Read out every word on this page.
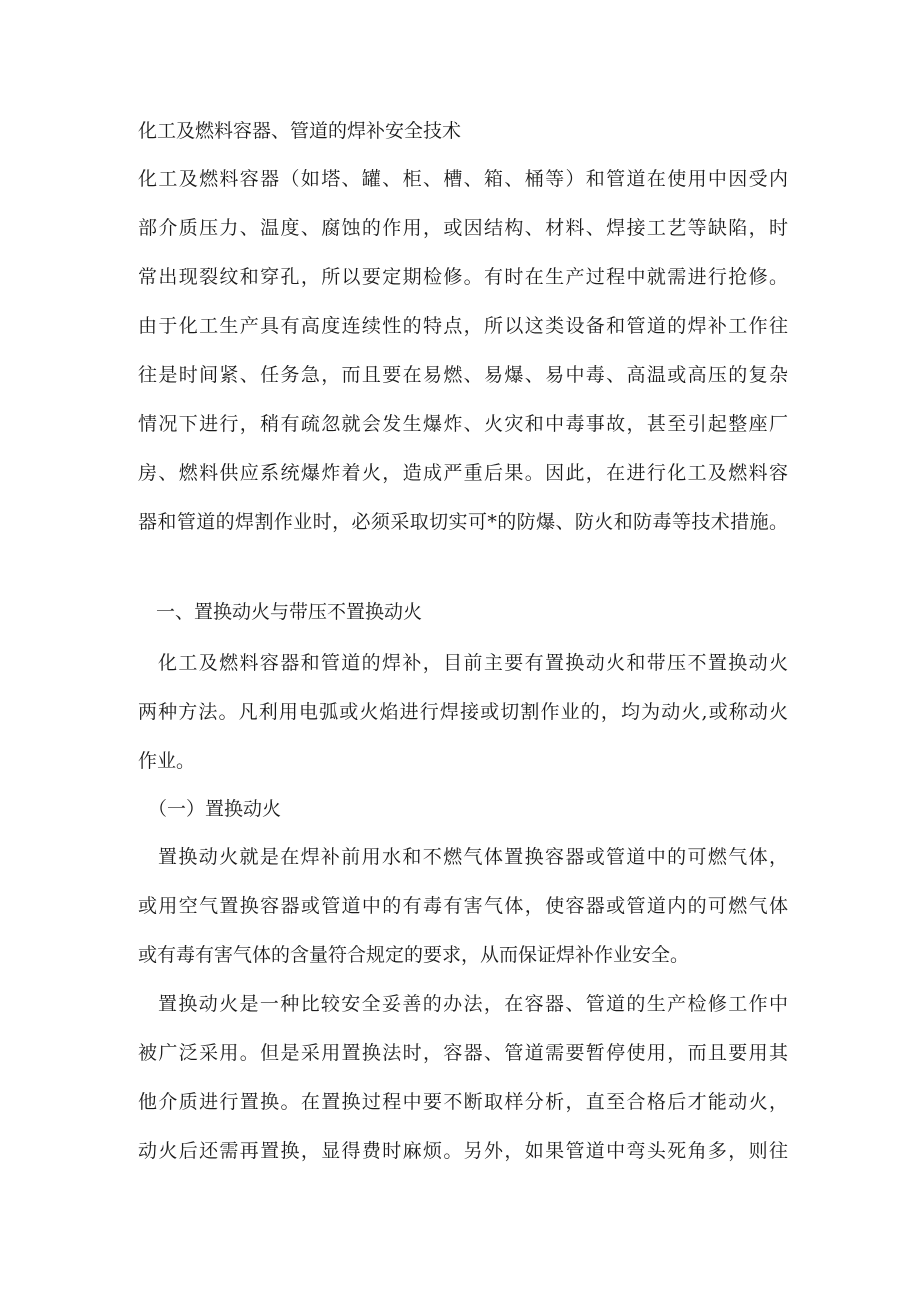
化工及燃料容器、管道的焊补安全技术
化工及燃料容器（如塔、罐、柜、槽、箱、桶等）和管道在使用中因受内
部介质压力、温度、腐蚀的作用，或因结构、材料、焊接工艺等缺陷，时
常出现裂纹和穿孔，所以要定期检修。有时在生产过程中就需进行抢修。
由于化工生产具有高度连续性的特点，所以这类设备和管道的焊补工作往
往是时间紧、任务急，而且要在易燃、易爆、易中毒、高温或高压的复杂
情况下进行，稍有疏忽就会发生爆炸、火灾和中毒事故，甚至引起整座厂
房、燃料供应系统爆炸着火，造成严重后果。因此，在进行化工及燃料容
器和管道的焊割作业时，必须采取切实可*的防爆、防火和防毒等技术措施。
一、置换动火与带压不置换动火
化工及燃料容器和管道的焊补，目前主要有置换动火和带压不置换动火
两种方法。凡利用电弧或火焰进行焊接或切割作业的，均为动火,或称动火
作业。
（一）置换动火
置换动火就是在焊补前用水和不燃气体置换容器或管道中的可燃气体，
或用空气置换容器或管道中的有毒有害气体，使容器或管道内的可燃气体
或有毒有害气体的含量符合规定的要求，从而保证焊补作业安全。
置换动火是一种比较安全妥善的办法，在容器、管道的生产检修工作中
被广泛采用。但是采用置换法时，容器、管道需要暂停使用，而且要用其
他介质进行置换。在置换过程中要不断取样分析，直至合格后才能动火，
动火后还需再置换，显得费时麻烦。另外，如果管道中弯头死角多，则往
